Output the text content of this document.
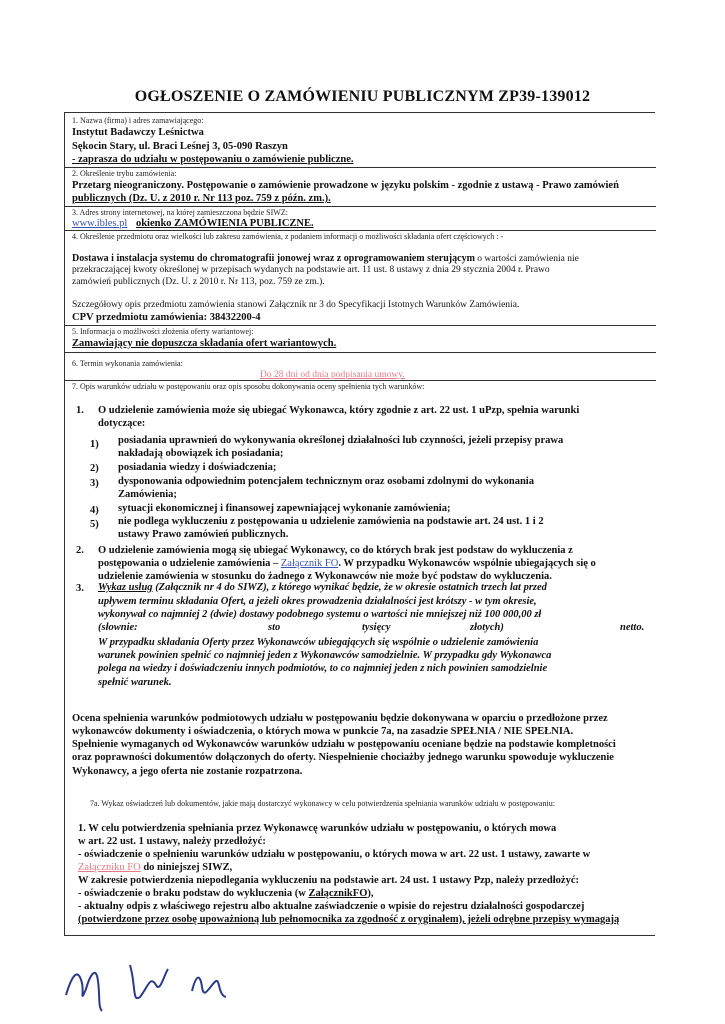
OGŁOSZENIE O ZAMÓWIENIU PUBLICZNYM ZP39-139012
1. Nazwa (firma) i adres zamawiającego:
Instytut Badawczy Leśnictwa
Sękocin Stary, ul. Braci Leśnej 3, 05-090 Raszyn
- zaprasza do udziału w postępowaniu o zamówienie publiczne.
2. Określenie trybu zamówienia:
Przetarg nieograniczony. Postępowanie o zamówienie prowadzone w języku polskim - zgodnie z ustawą - Prawo zamówień
publicznych (Dz. U. z 2010 r. Nr 113 poz. 759 z późn. zm.).
3. Adres strony internetowej, na której zamieszczona będzie SIWZ:
www.ibles.pl okienko ZAMÓWIENIA PUBLICZNE.
4. Określenie przedmiotu oraz wielkości lub zakresu zamówienia, z podaniem informacji o możliwości składania ofert częściowych : -
Dostawa i instalacja systemu do chromatografii jonowej wraz z oprogramowaniem sterującym o wartości zamówienia nie
przekraczającej kwoty określonej w przepisach wydanych na podstawie art. 11 ust. 8 ustawy z dnia 29 stycznia 2004 r. Prawo
zamówień publicznych (Dz. U. z 2010 r. Nr 113, poz. 759 ze zm.).
Szczegółowy opis przedmiotu zamówienia stanowi Załącznik nr 3 do Specyfikacji Istotnych Warunków Zamówienia.
CPV przedmiotu zamówienia: 38432200-4
5. Informacja o możliwości złożenia oferty wariantowej:
Zamawiający nie dopuszcza składania ofert wariantowych.
6. Termin wykonania zamówienia:
Do 28 dni od dnia podpisania umowy.
7. Opis warunków udziału w postępowaniu oraz opis sposobu dokonywania oceny spełnienia tych warunków:
1. O udzielenie zamówienia może się ubiegać Wykonawca, który zgodnie z art. 22 ust. 1 uPzp, spełnia warunki
dotyczące:
1) posiadania uprawnień do wykonywania określonej działalności lub czynności, jeżeli przepisy prawa
nakładają obowiązek ich posiadania;
2) posiadania wiedzy i doświadczenia;
3) dysponowania odpowiednim potencjałem technicznym oraz osobami zdolnymi do wykonania
Zamówienia;
4) sytuacji ekonomicznej i finansowej zapewniającej wykonanie zamówienia;
5) nie podlega wykluczeniu z postępowania u udzielenie zamówienia na podstawie art. 24 ust. 1 i 2
ustawy Prawo zamówień publicznych.
2. O udzielenie zamówienia mogą się ubiegać Wykonawcy, co do których brak jest podstaw do wykluczenia z
postępowania o udzielenie zamówienia – Załącznik FO. W przypadku Wykonawców wspólnie ubiegających się o
udzielenie zamówienia w stosunku do żadnego z Wykonawców nie może być podstaw do wykluczenia.
3. Wykaz usług (Załącznik nr 4 do SIWZ), z którego wynikać będzie, że w okresie ostatnich trzech lat przed
upływem terminu składania Ofert, a jeżeli okres prowadzenia działalności jest krótszy - w tym okresie,
wykonywał co najmniej 2 (dwie) dostawy podobnego systemu o wartości nie mniejszej niż 100 000,00 zł
(słownie:	sto	tysięcy	złotych)	netto.
W przypadku składania Oferty przez Wykonawców ubiegających się wspólnie o udzielenie zamówienia
warunek powinien spełnić co najmniej jeden z Wykonawców samodzielnie. W przypadku gdy Wykonawca
polega na wiedzy i doświadczeniu innych podmiotów, to co najmniej jeden z nich powinien samodzielnie
spełnić warunek.
Ocena spełnienia warunków podmiotowych udziału w postępowaniu będzie dokonywana w oparciu o przedłożone przez
wykonawców dokumenty i oświadczenia, o których mowa w punkcie 7a, na zasadzie SPEŁNIA / NIE SPEŁNIA.
Spełnienie wymaganych od Wykonawców warunków udziału w postępowaniu oceniane będzie na podstawie kompletności
oraz poprawności dokumentów dołączonych do oferty. Niespełnienie chociażby jednego warunku spowoduje wykluczenie
Wykonawcy, a jego oferta nie zostanie rozpatrzona.
7a. Wykaz oświadczeń lub dokumentów, jakie mają dostarczyć wykonawcy w celu potwierdzenia spełniania warunków udziału w postępowaniu:
1. W celu potwierdzenia spełniania przez Wykonawcę warunków udziału w postępowaniu, o których mowa
w art. 22 ust. 1 ustawy, należy przedłożyć:
- oświadczenie o spełnieniu warunków udziału w postępowaniu, o których mowa w art. 22 ust. 1 ustawy, zawarte w
Załączniku FO do niniejszej SIWZ,
W zakresie potwierdzenia niepodlegania wykluczeniu na podstawie art. 24 ust. 1 ustawy Pzp, należy przedłożyć:
- oświadczenie o braku podstaw do wykluczenia (w ZałącznikFO),
- aktualny odpis z właściwego rejestru albo aktualne zaświadczenie o wpisie do rejestru działalności gospodarczej
(potwierdzone przez osobę upoważnioną lub pełnomocnika za zgodność z oryginałem), jeżeli odrębne przepisy wymagają
